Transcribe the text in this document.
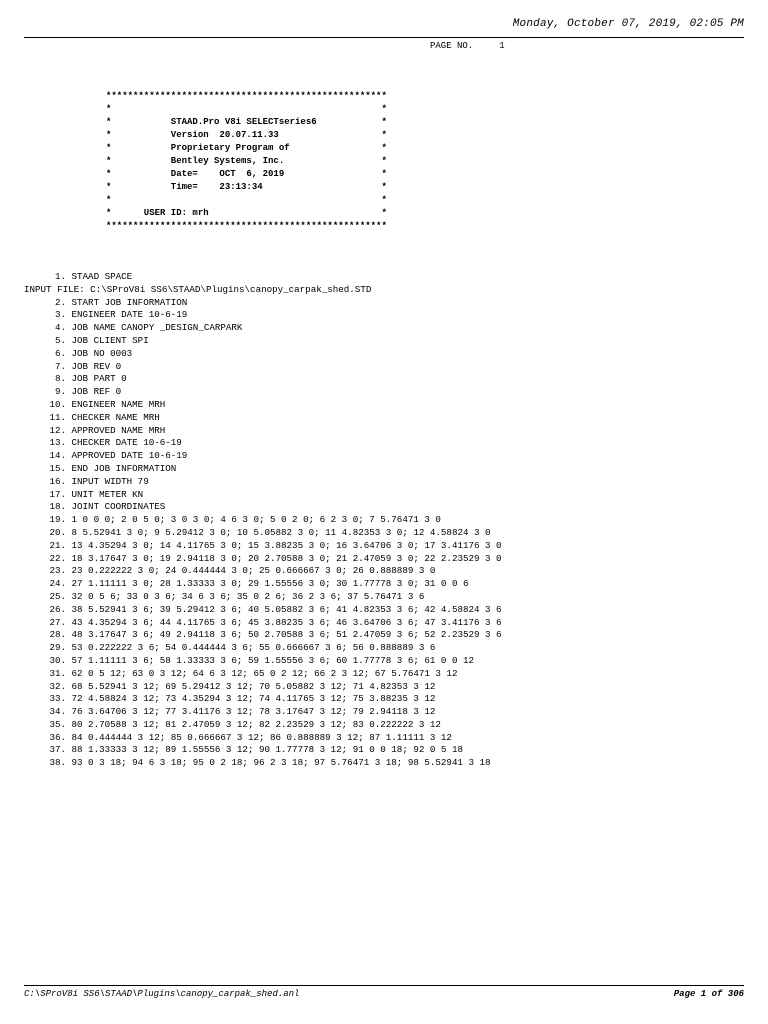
Monday, October 07, 2019, 02:05 PM
PAGE NO.	1
****************************************************
*                                                  *
*           STAAD.Pro V8i SELECTseries6            *
*           Version  20.07.11.33                   *
*           Proprietary Program of                 *
*           Bentley Systems, Inc.                  *
*           Date=    OCT  6, 2019                  *
*           Time=    23:13:34                      *
*                                                  *
*      USER ID: mrh                                *
****************************************************
1. STAAD SPACE
INPUT FILE: C:\SProV8i SS6\STAAD\Plugins\canopy_carpak_shed.STD
2. START JOB INFORMATION
3. ENGINEER DATE 10-6-19
4. JOB NAME CANOPY _DESIGN_CARPARK
5. JOB CLIENT SPI
6. JOB NO 0003
7. JOB REV 0
8. JOB PART 0
9. JOB REF 0
10. ENGINEER NAME MRH
11. CHECKER NAME MRH
12. APPROVED NAME MRH
13. CHECKER DATE 10-6-19
14. APPROVED DATE 10-6-19
15. END JOB INFORMATION
16. INPUT WIDTH 79
17. UNIT METER KN
18. JOINT COORDINATES
19. 1 0 0 0; 2 0 5 0; 3 0 3 0; 4 6 3 0; 5 0 2 0; 6 2 3 0; 7 5.76471 3 0
20. 8 5.52941 3 0; 9 5.29412 3 0; 10 5.05882 3 0; 11 4.82353 3 0; 12 4.58824 3 0
21. 13 4.35294 3 0; 14 4.11765 3 0; 15 3.88235 3 0; 16 3.64706 3 0; 17 3.41176 3 0
22. 18 3.17647 3 0; 19 2.94118 3 0; 20 2.70588 3 0; 21 2.47059 3 0; 22 2.23529 3 0
23. 23 0.222222 3 0; 24 0.444444 3 0; 25 0.666667 3 0; 26 0.888889 3 0
24. 27 1.11111 3 0; 28 1.33333 3 0; 29 1.55556 3 0; 30 1.77778 3 0; 31 0 0 6
25. 32 0 5 6; 33 0 3 6; 34 6 3 6; 35 0 2 6; 36 2 3 6; 37 5.76471 3 6
26. 38 5.52941 3 6; 39 5.29412 3 6; 40 5.05882 3 6; 41 4.82353 3 6; 42 4.58824 3 6
27. 43 4.35294 3 6; 44 4.11765 3 6; 45 3.88235 3 6; 46 3.64706 3 6; 47 3.41176 3 6
28. 48 3.17647 3 6; 49 2.94118 3 6; 50 2.70588 3 6; 51 2.47059 3 6; 52 2.23529 3 6
29. 53 0.222222 3 6; 54 0.444444 3 6; 55 0.666667 3 6; 56 0.888889 3 6
30. 57 1.11111 3 6; 58 1.33333 3 6; 59 1.55556 3 6; 60 1.77778 3 6; 61 0 0 12
31. 62 0 5 12; 63 0 3 12; 64 6 3 12; 65 0 2 12; 66 2 3 12; 67 5.76471 3 12
32. 68 5.52941 3 12; 69 5.29412 3 12; 70 5.05882 3 12; 71 4.82353 3 12
33. 72 4.58824 3 12; 73 4.35294 3 12; 74 4.11765 3 12; 75 3.88235 3 12
34. 76 3.64706 3 12; 77 3.41176 3 12; 78 3.17647 3 12; 79 2.94118 3 12
35. 80 2.70588 3 12; 81 2.47059 3 12; 82 2.23529 3 12; 83 0.222222 3 12
36. 84 0.444444 3 12; 85 0.666667 3 12; 86 0.888889 3 12; 87 1.11111 3 12
37. 88 1.33333 3 12; 89 1.55556 3 12; 90 1.77778 3 12; 91 0 0 18; 92 0 5 18
38. 93 0 3 18; 94 6 3 18; 95 0 2 18; 96 2 3 18; 97 5.76471 3 18; 98 5.52941 3 18
C:\SProV8i SS6\STAAD\Plugins\canopy_carpak_shed.anl	Page 1 of 306
